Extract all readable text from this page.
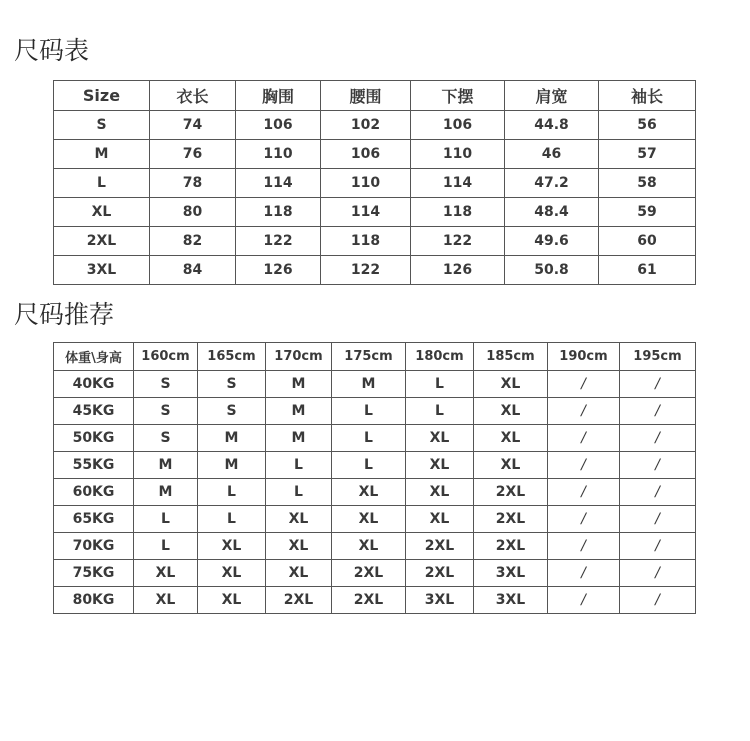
尺码表
Size	衣长	胸围	腰围	下摆	肩宽	袖长
S	74	106	102	106	44.8	56
M	76	110	106	110	46	57
L	78	114	110	114	47.2	58
XL	80	118	114	118	48.4	59
2XL	82	122	118	122	49.6	60
3XL	84	126	122	126	50.8	61
尺码推荐
体重\身高	160cm	165cm	170cm	175cm	180cm	185cm	190cm	195cm
40KG	S	S	M	M	L	XL	/	/
45KG	S	S	M	L	L	XL	/	/
50KG	S	M	M	L	XL	XL	/	/
55KG	M	M	L	L	XL	XL	/	/
60KG	M	L	L	XL	XL	2XL	/	/
65KG	L	L	XL	XL	XL	2XL	/	/
70KG	L	XL	XL	XL	2XL	2XL	/	/
75KG	XL	XL	XL	2XL	2XL	3XL	/	/
80KG	XL	XL	2XL	2XL	3XL	3XL	/	/
